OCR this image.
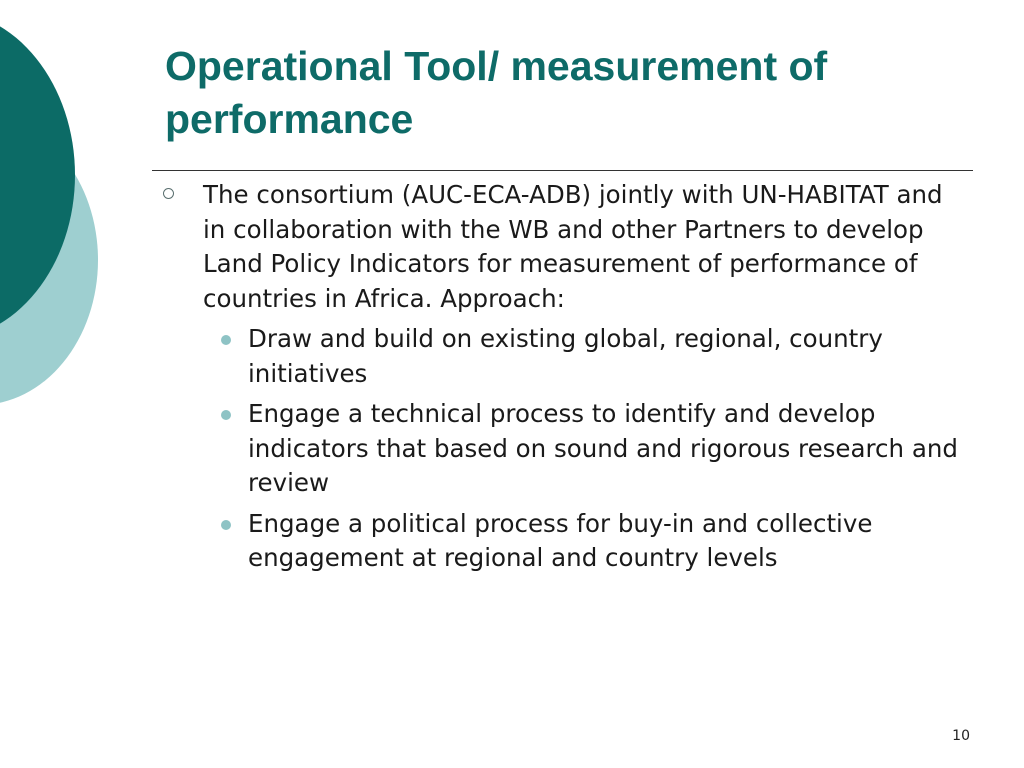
Operational Tool/ measurement of performance
The consortium (AUC-ECA-ADB) jointly with UN-HABITAT and in collaboration with the WB and other Partners to develop Land Policy Indicators for measurement of performance of countries in Africa. Approach:
Draw and build on existing global, regional, country initiatives
Engage a technical process to identify and develop indicators that based on sound and rigorous research and review
Engage a political process for buy-in and collective engagement at regional and country levels
10
